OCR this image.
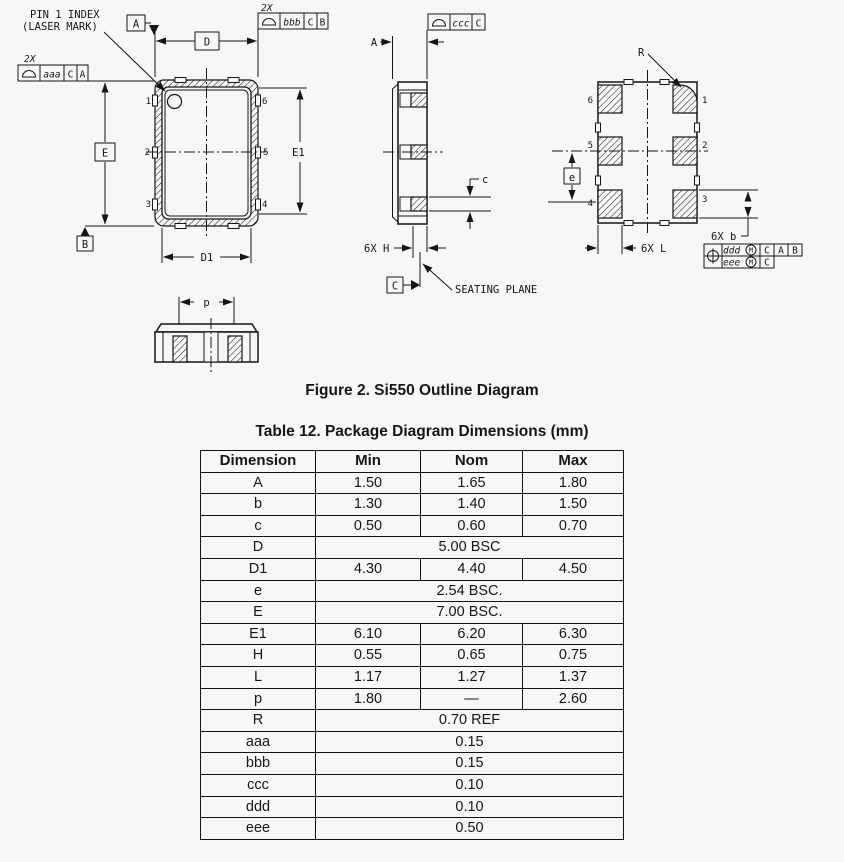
1
2
3
6
5
4
PIN 1 INDEX
(LASER MARK)	A
D
E
B
E1
D1
2X
aaa C A
2X
bbb C B
p
A
ccc C
c
6X H
C	SEATING PLANE
6
5
4
1
2
3
R
e
6X b
6X L	ddd M C A B
eee M C
Figure 2. Si550 Outline Diagram
Table 12. Package Diagram Dimensions (mm)
Dimension	Min	Nom	Max
A	1.50	1.65	1.80
b	1.30	1.40	1.50
c	0.50	0.60	0.70
D	5.00 BSC		
D1	4.30	4.40	4.50
e	2.54 BSC.		
E	7.00 BSC.		
E1	6.10	6.20	6.30
H	0.55	0.65	0.75
L	1.17	1.27	1.37
p	1.80	—	2.60
R	0.70 REF		
aaa	0.15		
bbb	0.15		
ccc	0.10		
ddd	0.10		
eee	0.50		
